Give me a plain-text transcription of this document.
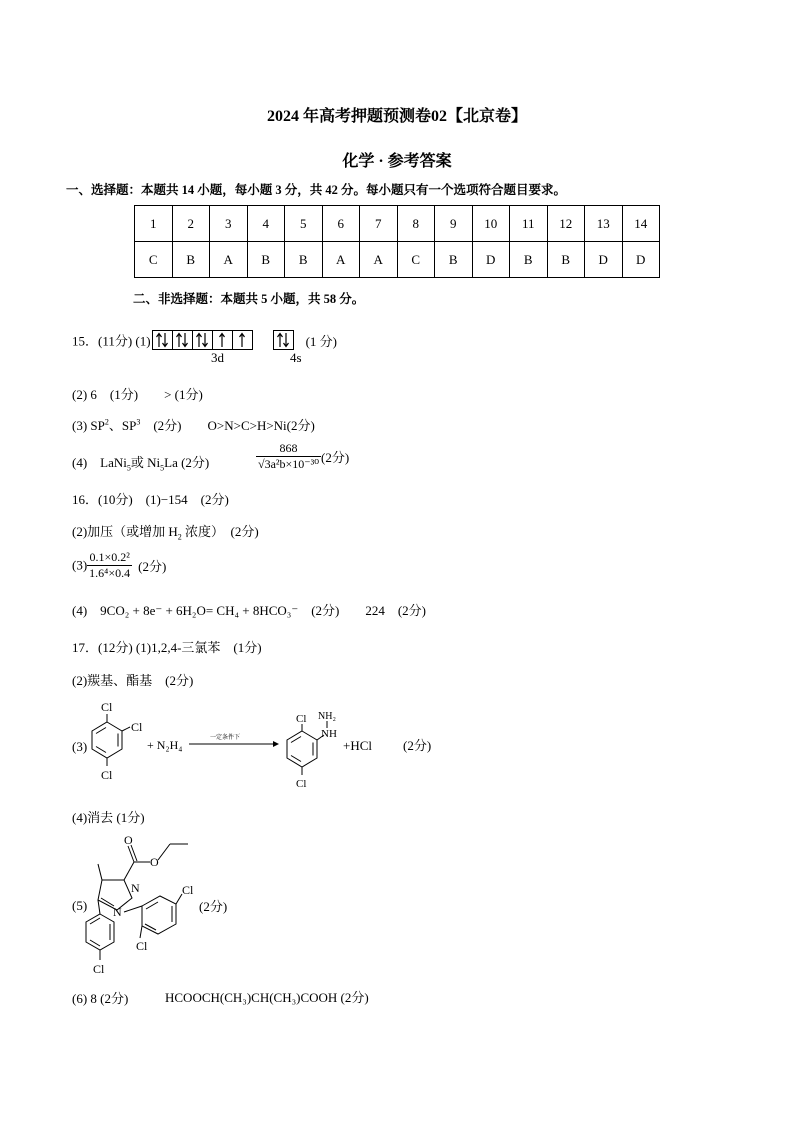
2024 年高考押题预测卷02【北京卷】
化学 · 参考答案
一、选择题：本题共 14 小题，每小题 3 分，共 42 分。每小题只有一个选项符合题目要求。
1	2	3	4	5	6	7	8	9	10	11	12	13	14
C	B	A	B	B	A	A	C	B	D	B	B	D	D
二、非选择题：本题共 5 小题，共 58 分。
15．(11分) (1)	(1 分)
3d	4s
(2) 6　(1分)　　> (1分)
(3) $SP^2$、$SP^3$　(2分)　　O>N>C>H>Ni(2分)
(4)　LaNi$_5$或 $Ni_5La$ (2分)	$\frac{868}{\text{√3a²b×10⁻³⁰}} (2$分)
16．(10分)　(1)−154　(2分)
(2)加压（或增加 $H_2$ 浓度）　(2分)
$(3) \frac{\text{0.1×0.2²}}{\text{1.6⁴×0.4}} (2$分)
(4)　9CO₂ + 8e⁻ + 6H₂O= CH₄ + 8HCO₃⁻　(2分)　　224　(2分)
17．(12分) (1)1,2,4-三氯苯　(1分)
(2)羰基、酯基　(2分)
(3)
Cl
Cl
Cl
+ N₂H₄	一定条件下
Cl NH₂
NH
Cl
+HCl (2分)
(4)消去 (1分)
(5)
O
O
N
N
Cl
Cl
Cl
(2分)
(6) 8 (2分)	HCOOCH(CH₃)CH(CH₃)COOH (2分)
